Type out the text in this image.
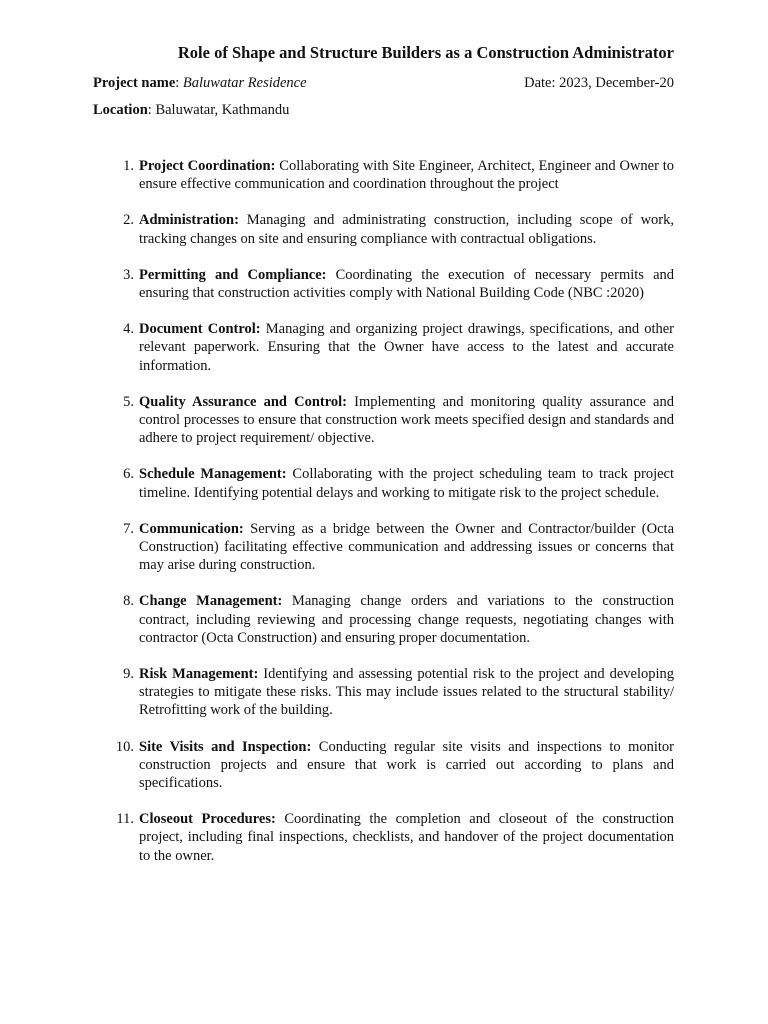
Role of Shape and Structure Builders as a Construction Administrator
Project name: Baluwatar Residence	Date: 2023, December-20
Location: Baluwatar, Kathmandu
1. Project Coordination: Collaborating with Site Engineer, Architect, Engineer and Owner to ensure effective communication and coordination throughout the project
2. Administration: Managing and administrating construction, including scope of work, tracking changes on site and ensuring compliance with contractual obligations.
3. Permitting and Compliance: Coordinating the execution of necessary permits and ensuring that construction activities comply with National Building Code (NBC :2020)
4. Document Control: Managing and organizing project drawings, specifications, and other relevant paperwork. Ensuring that the Owner have access to the latest and accurate information.
5. Quality Assurance and Control: Implementing and monitoring quality assurance and control processes to ensure that construction work meets specified design and standards and adhere to project requirement/ objective.
6. Schedule Management: Collaborating with the project scheduling team to track project timeline. Identifying potential delays and working to mitigate risk to the project schedule.
7. Communication: Serving as a bridge between the Owner and Contractor/builder (Octa Construction) facilitating effective communication and addressing issues or concerns that may arise during construction.
8. Change Management: Managing change orders and variations to the construction contract, including reviewing and processing change requests, negotiating changes with contractor (Octa Construction) and ensuring proper documentation.
9. Risk Management: Identifying and assessing potential risk to the project and developing strategies to mitigate these risks. This may include issues related to the structural stability/ Retrofitting work of the building.
10. Site Visits and Inspection: Conducting regular site visits and inspections to monitor construction projects and ensure that work is carried out according to plans and specifications.
11. Closeout Procedures: Coordinating the completion and closeout of the construction project, including final inspections, checklists, and handover of the project documentation to the owner.
